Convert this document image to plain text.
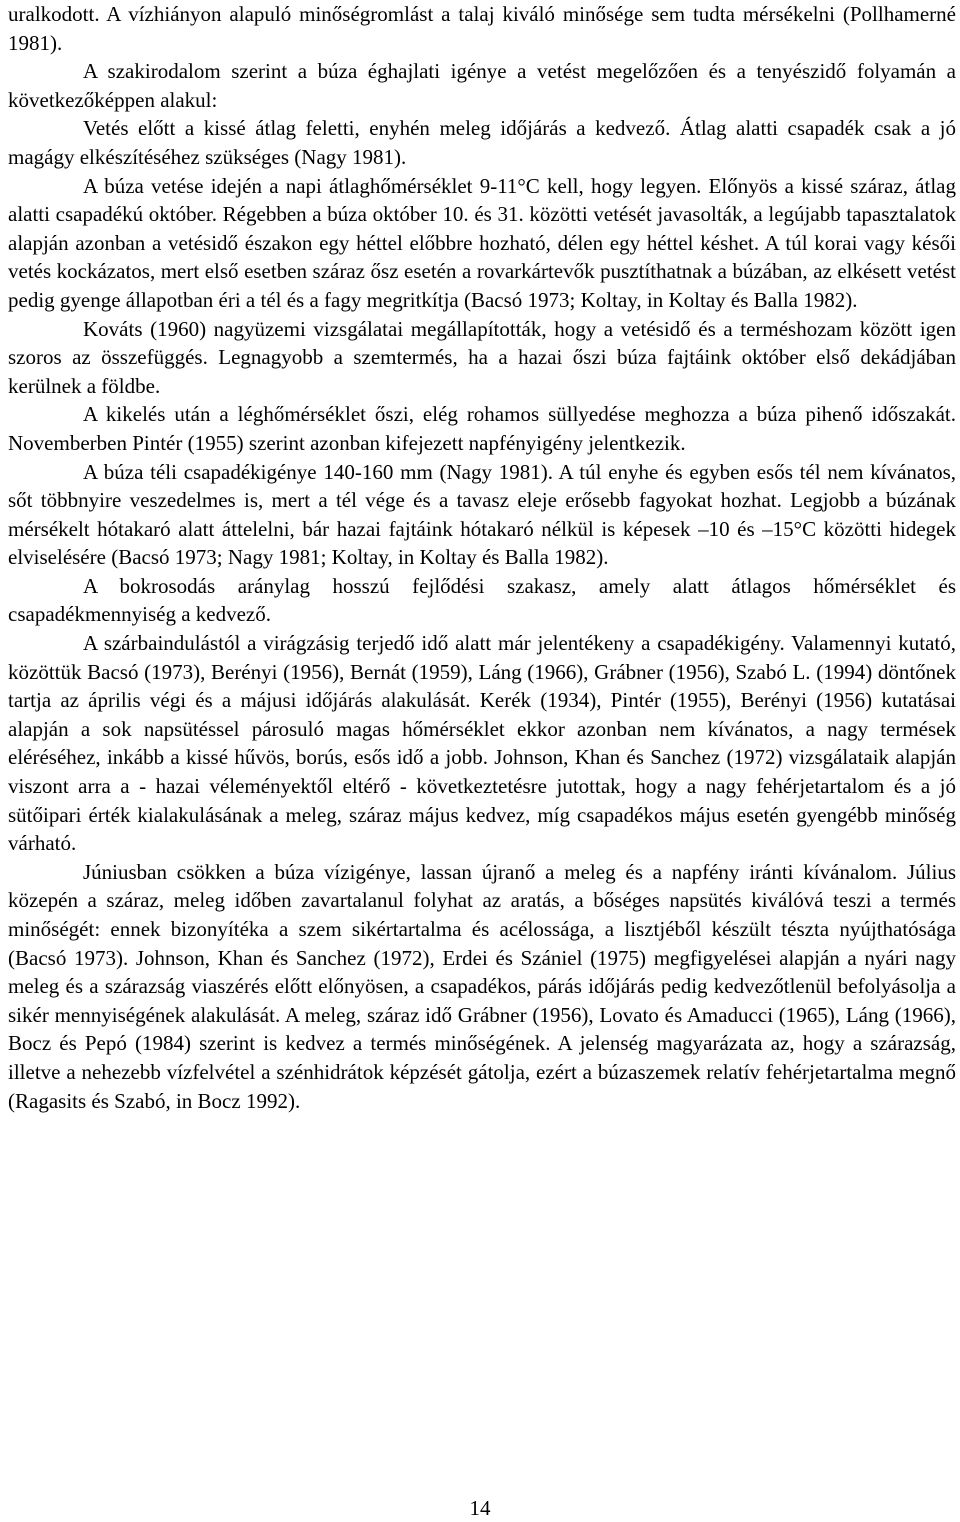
uralkodott. A vízhiányon alapuló minőségromlást a talaj kiváló minősége sem tudta mérsékelni (Pollhamerné 1981).

A szakirodalom szerint a búza éghajlati igénye a vetést megelőzően és a tenyészidő folyamán a következőképpen alakul:

Vetés előtt a kissé átlag feletti, enyhén meleg időjárás a kedvező. Átlag alatti csapadék csak a jó magágy elkészítéséhez szükséges (Nagy 1981).

A búza vetése idején a napi átlaghőmérséklet 9-11°C kell, hogy legyen. Előnyös a kissé száraz, átlag alatti csapadékú október. Régebben a búza október 10. és 31. közötti vetését javasolták, a legújabb tapasztalatok alapján azonban a vetésidő északon egy héttel előbbre hozható, délen egy héttel késhet. A túl korai vagy késői vetés kockázatos, mert első esetben száraz ősz esetén a rovarkártevők pusztíthatnak a búzában, az elkésett vetést pedig gyenge állapotban éri a tél és a fagy megritkítja (Bacsó 1973; Koltay, in Koltay és Balla 1982).

Kováts (1960) nagyüzemi vizsgálatai megállapították, hogy a vetésidő és a terméshozam között igen szoros az összefüggés. Legnagyobb a szemtermés, ha a hazai őszi búza fajtáink október első dekádjában kerülnek a földbe.

A kikelés után a léghőmérséklet őszi, elég rohamos süllyedése meghozza a búza pihenő időszakát. Novemberben Pintér (1955) szerint azonban kifejezett napfényigény jelentkezik.

A búza téli csapadékigénye 140-160 mm (Nagy 1981). A túl enyhe és egyben esős tél nem kívánatos, sőt többnyire veszedelmes is, mert a tél vége és a tavasz eleje erősebb fagyokat hozhat. Legjobb a búzának mérsékelt hótakaró alatt áttelelni, bár hazai fajtáink hótakaró nélkül is képesek –10 és –15°C közötti hidegek elviselésére (Bacsó 1973; Nagy 1981; Koltay, in Koltay és Balla 1982).

A bokrosodás aránylag hosszú fejlődési szakasz, amely alatt átlagos hőmérséklet és csapadékmennyiség a kedvező.

A szárbaindulástól a virágzásig terjedő idő alatt már jelentékeny a csapadékigény. Valamennyi kutató, közöttük Bacsó (1973), Berényi (1956), Bernát (1959), Láng (1966), Grábner (1956), Szabó L. (1994) döntőnek tartja az április végi és a májusi időjárás alakulását. Kerék (1934), Pintér (1955), Berényi (1956) kutatásai alapján a sok napsütéssel párosuló magas hőmérséklet ekkor azonban nem kívánatos, a nagy termések eléréséhez, inkább a kissé hűvös, borús, esős idő a jobb. Johnson, Khan és Sanchez (1972) vizsgálataik alapján viszont arra a - hazai véleményektől eltérő - következtetésre jutottak, hogy a nagy fehérjetartalom és a jó sütőipari érték kialakulásának a meleg, száraz május kedvez, míg csapadékos május esetén gyengébb minőség várható.

Júniusban csökken a búza vízigénye, lassan újranő a meleg és a napfény iránti kívánalom. Július közepén a száraz, meleg időben zavartalanul folyhat az aratás, a bőséges napsütés kiválóvá teszi a termés minőségét: ennek bizonyítéka a szem sikértartalma és acélossága, a lisztjéből készült tészta nyújthatósága (Bacsó 1973). Johnson, Khan és Sanchez (1972), Erdei és Szániel (1975) megfigyelései alapján a nyári nagy meleg és a szárazság viaszérés előtt előnyösen, a csapadékos, párás időjárás pedig kedvezőtlenül befolyásolja a sikér mennyiségének alakulását. A meleg, száraz idő Grábner (1956), Lovato és Amaducci (1965), Láng (1966), Bocz és Pepó (1984) szerint is kedvez a termés minőségének. A jelenség magyarázata az, hogy a szárazság, illetve a nehezebb vízfelvétel a szénhidrátok képzését gátolja, ezért a búzaszemek relatív fehérjetartalma megnő (Ragasits és Szabó, in Bocz 1992).

14
